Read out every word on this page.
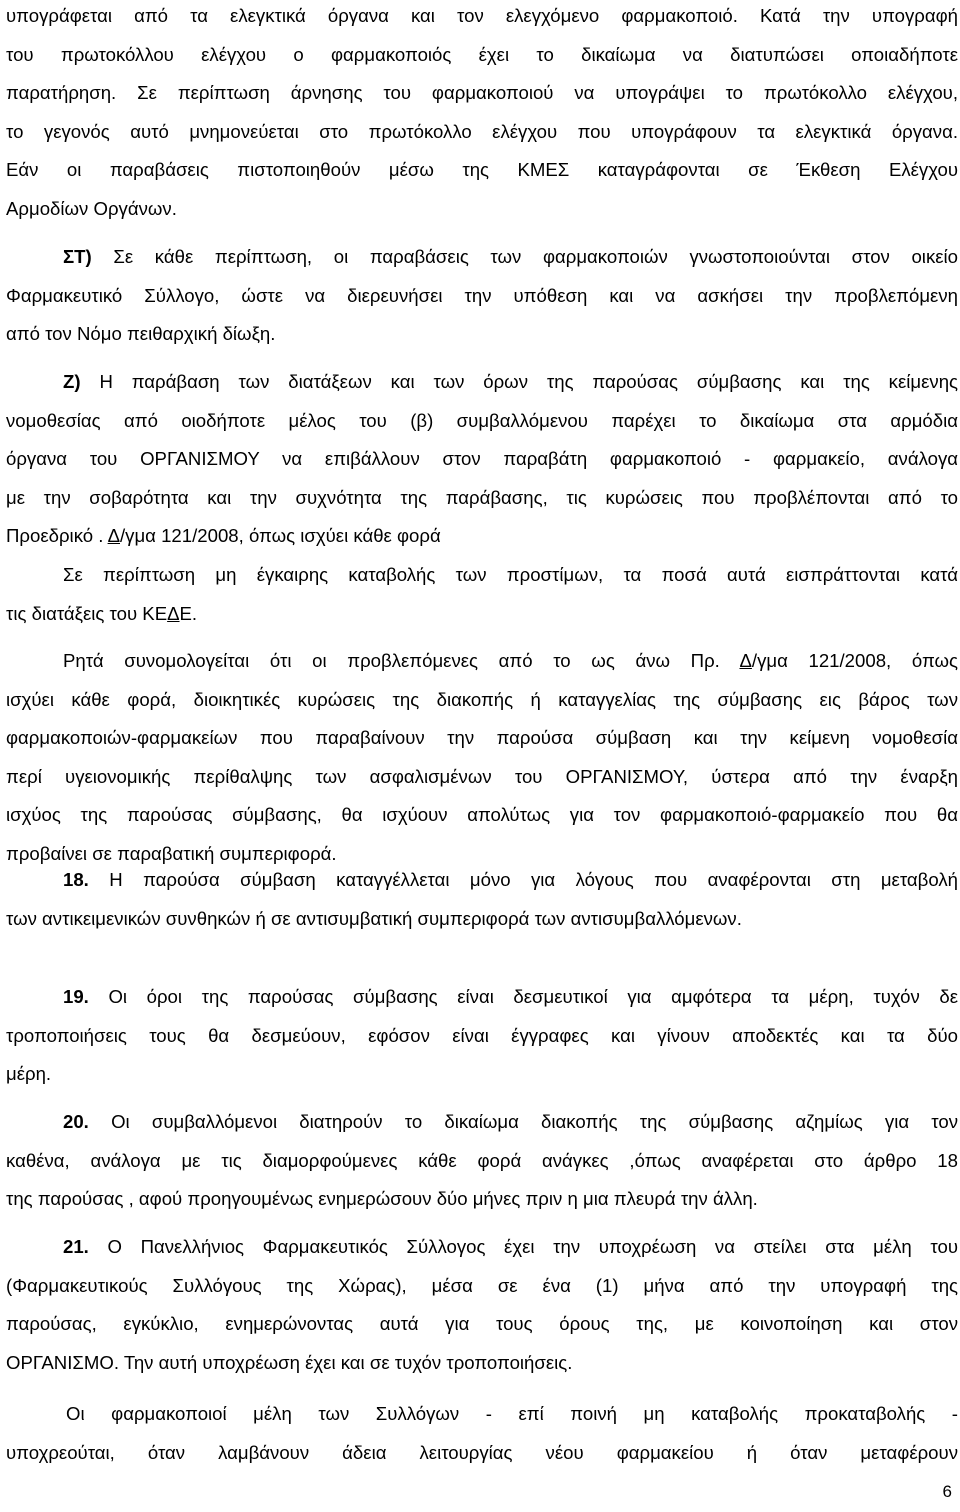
υπογράφεται από τα ελεγκτικά όργανα και τον ελεγχόμενο φαρμακοποιό. Κατά την υπογραφή
του πρωτοκόλλου ελέγχου ο φαρμακοποιός έχει το δικαίωμα να διατυπώσει οποιαδήποτε
παρατήρηση. Σε περίπτωση άρνησης του φαρμακοποιού να υπογράψει το πρωτόκολλο ελέγχου,
το γεγονός αυτό μνημονεύεται στο πρωτόκολλο ελέγχου που υπογράφουν τα ελεγκτικά όργανα.
Εάν οι παραβάσεις πιστοποιηθούν μέσω της ΚΜΕΣ καταγράφονται σε Έκθεση Ελέγχου
Αρμοδίων Οργάνων.
ΣΤ) Σε κάθε περίπτωση, οι παραβάσεις των φαρμακοποιών γνωστοποιούνται στον οικείο
Φαρμακευτικό Σύλλογο, ώστε να διερευνήσει την υπόθεση και να ασκήσει την προβλεπόμενη
από τον Νόμο πειθαρχική δίωξη.
Ζ) Η παράβαση των διατάξεων και των όρων της παρούσας σύμβασης και της κείμενης
νομοθεσίας από οιοδήποτε μέλος του (β) συμβαλλόμενου παρέχει το δικαίωμα στα αρμόδια
όργανα του ΟΡΓΑΝΙΣΜΟΥ να επιβάλλουν στον παραβάτη φαρμακοποιό - φαρμακείο, ανάλογα
με την σοβαρότητα και την συχνότητα της παράβασης, τις κυρώσεις που προβλέπονται από το
Προεδρικό . Δ/γμα 121/2008, όπως ισχύει κάθε φορά
Σε περίπτωση μη έγκαιρης καταβολής των προστίμων, τα ποσά αυτά εισπράττονται κατά
τις διατάξεις του ΚΕΔΕ.
Ρητά συνομολογείται ότι οι προβλεπόμενες από το ως άνω Πρ. Δ/γμα 121/2008, όπως
ισχύει κάθε φορά, διοικητικές κυρώσεις της διακοπής ή καταγγελίας της σύμβασης εις βάρος των
φαρμακοποιών-φαρμακείων που παραβαίνουν την παρούσα σύμβαση και την κείμενη νομοθεσία
περί υγειονομικής περίθαλψης των ασφαλισμένων του ΟΡΓΑΝΙΣΜΟΥ, ύστερα από την έναρξη
ισχύος της παρούσας σύμβασης, θα ισχύουν απολύτως για τον φαρμακοποιό-φαρμακείο που θα
προβαίνει σε παραβατική συμπεριφορά.
18. Η παρούσα σύμβαση καταγγέλλεται μόνο για λόγους που αναφέρονται στη μεταβολή
των αντικειμενικών συνθηκών ή σε αντισυμβατική συμπεριφορά των αντισυμβαλλόμενων.
19. Οι όροι της παρούσας σύμβασης είναι δεσμευτικοί για αμφότερα τα μέρη, τυχόν δε
τροποποιήσεις τους θα δεσμεύουν, εφόσον είναι έγγραφες και γίνουν αποδεκτές και τα δύο
μέρη.
20. Οι συμβαλλόμενοι διατηρούν το δικαίωμα διακοπής της σύμβασης αζημίως για τον
καθένα, ανάλογα με τις διαμορφούμενες κάθε φορά ανάγκες ,όπως αναφέρεται στο άρθρο 18
της παρούσας , αφού προηγουμένως ενημερώσουν δύο μήνες πριν η μια πλευρά την άλλη.
21. Ο Πανελλήνιος Φαρμακευτικός Σύλλογος έχει την υποχρέωση να στείλει στα μέλη του
(Φαρμακευτικούς Συλλόγους της Χώρας), μέσα σε ένα (1) μήνα από την υπογραφή της
παρούσας, εγκύκλιο, ενημερώνοντας αυτά για τους όρους της, με κοινοποίηση και στον
ΟΡΓΑΝΙΣΜΟ. Την αυτή υποχρέωση έχει και σε τυχόν τροποποιήσεις.
Οι φαρμακοποιοί μέλη των Συλλόγων - επί ποινή μη καταβολής προκαταβολής -
υποχρεούται, όταν λαμβάνουν άδεια λειτουργίας νέου φαρμακείου ή όταν μεταφέρουν
6
